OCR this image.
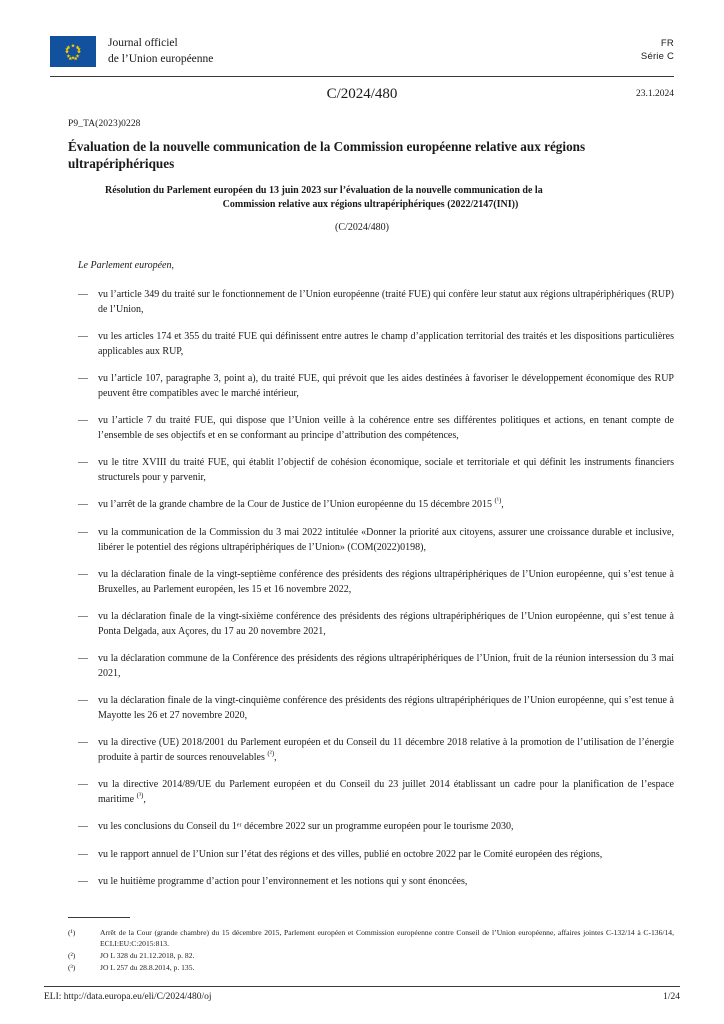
Journal officiel
de l’Union européenne
FR
Série C
C/2024/480	23.1.2024
P9_TA(2023)0228
Évaluation de la nouvelle communication de la Commission européenne relative aux régions ultrapériphériques
Résolution du Parlement européen du 13 juin 2023 sur l’évaluation de la nouvelle communication de la
Commission relative aux régions ultrapériphériques (2022/2147(INI))
(C/2024/480)
Le Parlement européen,
—	vu l’article 349 du traité sur le fonctionnement de l’Union européenne (traité FUE) qui confère leur statut aux régions ultrapériphériques (RUP) de l’Union,
—	vu les articles 174 et 355 du traité FUE qui définissent entre autres le champ d’application territorial des traités et les dispositions particulières applicables aux RUP,
—	vu l’article 107, paragraphe 3, point a), du traité FUE, qui prévoit que les aides destinées à favoriser le développement économique des RUP peuvent être compatibles avec le marché intérieur,
—	vu l’article 7 du traité FUE, qui dispose que l’Union veille à la cohérence entre ses différentes politiques et actions, en tenant compte de l’ensemble de ses objectifs et en se conformant au principe d’attribution des compétences,
—	vu le titre XVIII du traité FUE, qui établit l’objectif de cohésion économique, sociale et territoriale et qui définit les instruments financiers structurels pour y parvenir,
—	vu l’arrêt de la grande chambre de la Cour de Justice de l’Union européenne du 15 décembre 2015 $^{(^1)}$,
—	vu la communication de la Commission du 3 mai 2022 intitulée «Donner la priorité aux citoyens, assurer une croissance durable et inclusive, libérer le potentiel des régions ultrapériphériques de l’Union» (COM(2022)0198),
—	vu la déclaration finale de la vingt-septième conférence des présidents des régions ultrapériphériques de l’Union européenne, qui s’est tenue à Bruxelles, au Parlement européen, les 15 et 16 novembre 2022,
—	vu la déclaration finale de la vingt-sixième conférence des présidents des régions ultrapériphériques de l’Union européenne, qui s’est tenue à Ponta Delgada, aux Açores, du 17 au 20 novembre 2021,
—	vu la déclaration commune de la Conférence des présidents des régions ultrapériphériques de l’Union, fruit de la réunion intersession du 3 mai 2021,
—	vu la déclaration finale de la vingt-cinquième conférence des présidents des régions ultrapériphériques de l’Union européenne, qui s’est tenue à Mayotte les 26 et 27 novembre 2020,
—	vu la directive (UE) 2018/2001 du Parlement européen et du Conseil du 11 décembre 2018 relative à la promotion de l’utilisation de l’énergie produite à partir de sources renouvelables $^{(^2)}$,
—	vu la directive 2014/89/UE du Parlement européen et du Conseil du 23 juillet 2014 établissant un cadre pour la planification de l’espace maritime $^{(^3)}$,
—	vu les conclusions du Conseil du 1ᵉʳ décembre 2022 sur un programme européen pour le tourisme 2030,
—	vu le rapport annuel de l’Union sur l’état des régions et des villes, publié en octobre 2022 par le Comité européen des régions,
—	vu le huitième programme d’action pour l’environnement et les notions qui y sont énoncées,
(¹)	Arrêt de la Cour (grande chambre) du 15 décembre 2015, Parlement européen et Commission européenne contre Conseil de l’Union européenne, affaires jointes C-132/14 à C-136/14, ECLI:EU:C:2015:813.
(²)	JO L 328 du 21.12.2018, p. 82.
(³)	JO L 257 du 28.8.2014, p. 135.
ELI: http://data.europa.eu/eli/C/2024/480/oj	1/24
